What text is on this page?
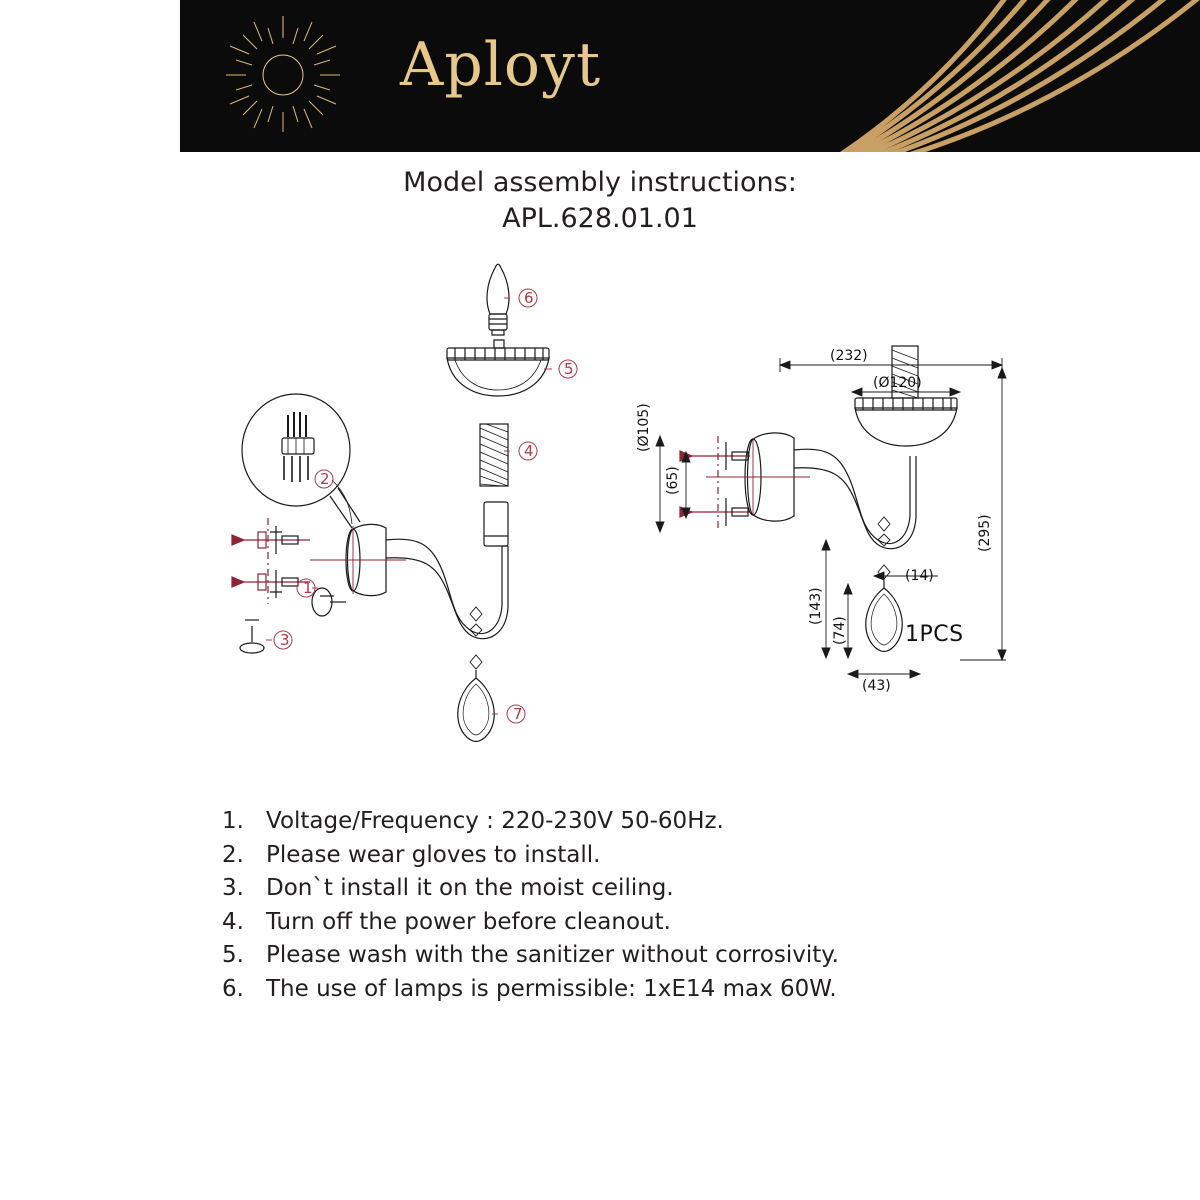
Aployt
Model assembly instructions:
APL.628.01.01
6
5
4
1
2
3
7
(232)
(Ø120)
(Ø105)
(65)
(295)
(143)
(74)
(14)
(43)
1PCS
1. Voltage/Frequency : 220-230V 50-60Hz.
2. Please wear gloves to install.
3. Don`t install it on the moist ceiling.
4. Turn off the power before cleanout.
5. Please wash with the sanitizer without corrosivity.
6. The use of lamps is permissible: 1xE14 max 60W.
